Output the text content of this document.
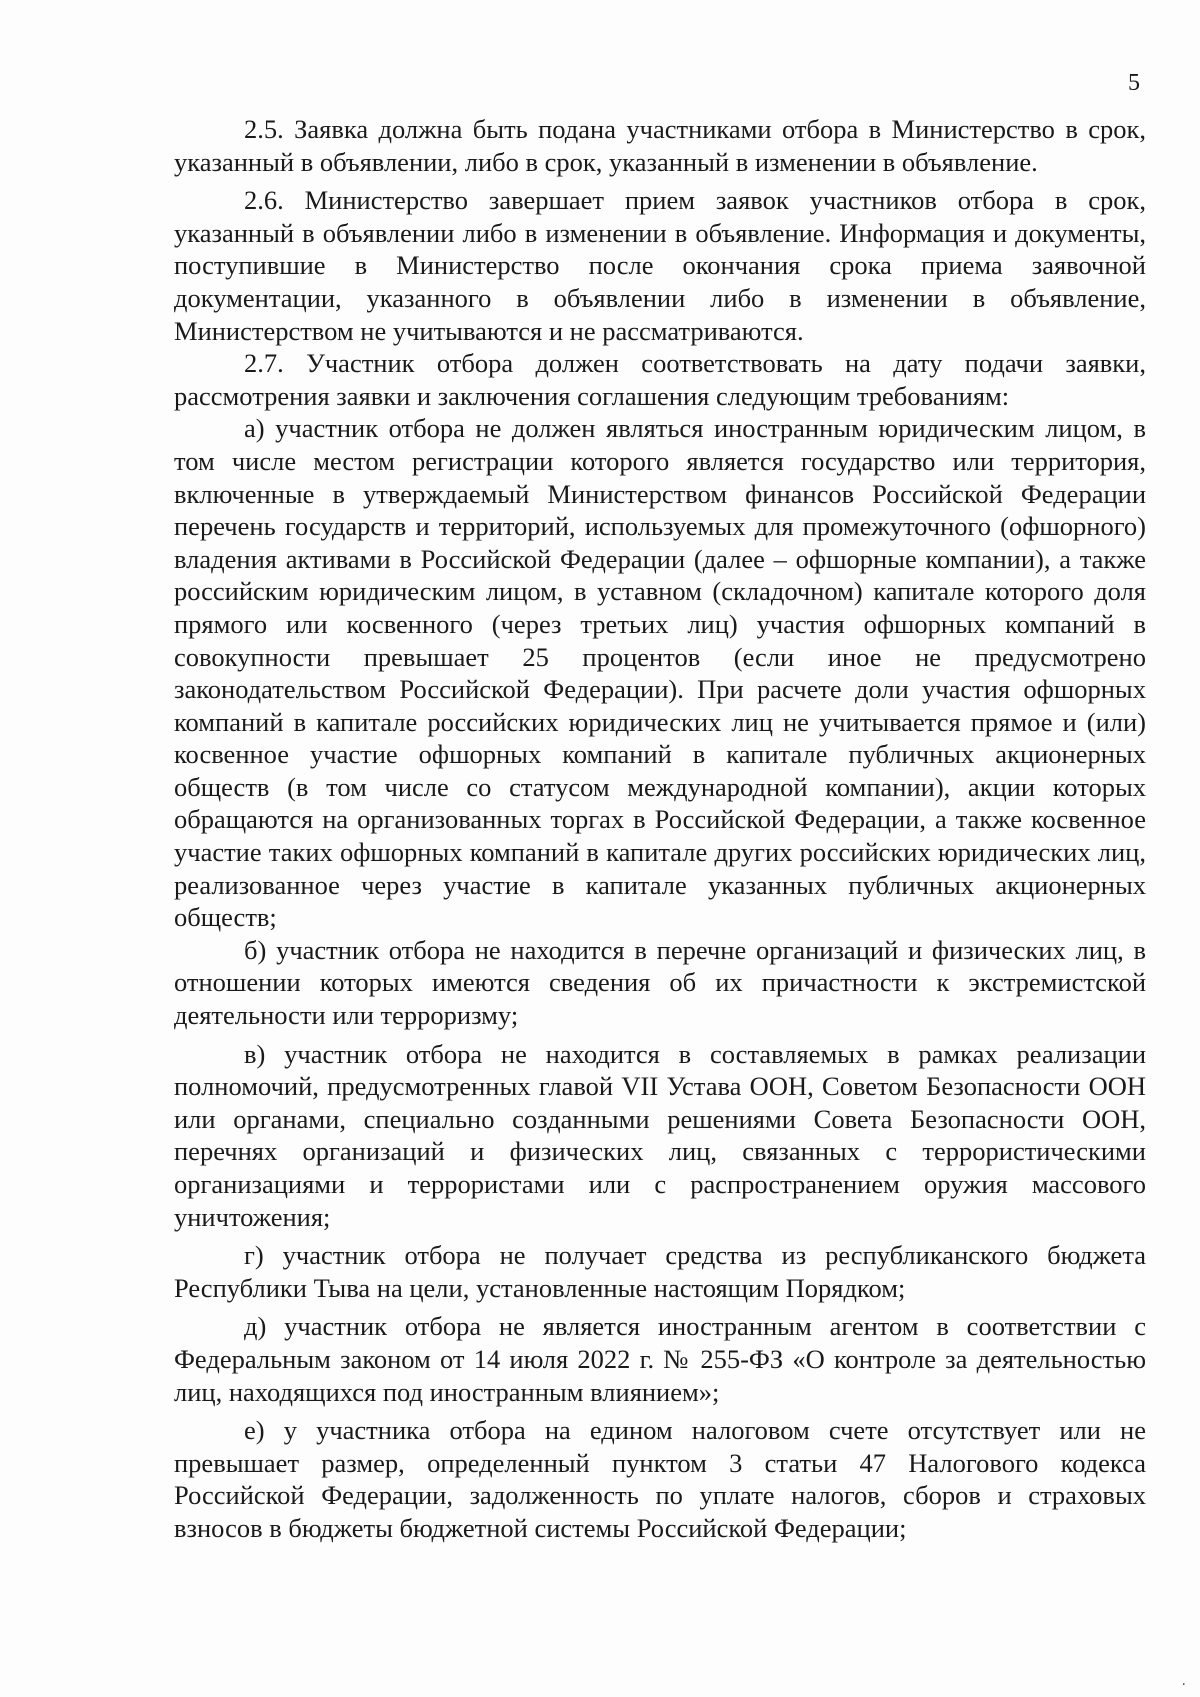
5

2.5. Заявка должна быть подана участниками отбора в Министерство в срок, указанный в объявлении, либо в срок, указанный в изменении в объявление.

2.6. Министерство завершает прием заявок участников отбора в срок, указанный в объявлении либо в изменении в объявление. Информация и документы, поступившие в Министерство после окончания срока приема заявочной документации, указанного в объявлении либо в изменении в объявление, Министерством не учитываются и не рассматриваются.

2.7. Участник отбора должен соответствовать на дату подачи заявки, рассмотрения заявки и заключения соглашения следующим требованиям:

а) участник отбора не должен являться иностранным юридическим лицом, в том числе местом регистрации которого является государство или территория, включенные в утверждаемый Министерством финансов Российской Федерации перечень государств и территорий, используемых для промежуточного (офшорного) владения активами в Российской Федерации (далее – офшорные компании), а также российским юридическим лицом, в уставном (складочном) капитале которого доля прямого или косвенного (через третьих лиц) участия офшорных компаний в совокупности превышает 25 процентов (если иное не предусмотрено законодательством Российской Федерации). При расчете доли участия офшорных компаний в капитале российских юридических лиц не учитывается прямое и (или) косвенное участие офшорных компаний в капитале публичных акционерных обществ (в том числе со статусом международной компании), акции которых обращаются на организованных торгах в Российской Федерации, а также косвенное участие таких офшорных компаний в капитале других российских юридических лиц, реализованное через участие в капитале указанных публичных акционерных обществ;

б) участник отбора не находится в перечне организаций и физических лиц, в отношении которых имеются сведения об их причастности к экстремистской деятельности или терроризму;

в) участник отбора не находится в составляемых в рамках реализации полномочий, предусмотренных главой VII Устава ООН, Советом Безопасности ООН или органами, специально созданными решениями Совета Безопасности ООН, перечнях организаций и физических лиц, связанных с террористическими организациями и террористами или с распространением оружия массового уничтожения;

г) участник отбора не получает средства из республиканского бюджета Республики Тыва на цели, установленные настоящим Порядком;

д) участник отбора не является иностранным агентом в соответствии с Федеральным законом от 14 июля 2022 г. № 255-ФЗ «О контроле за деятельностью лиц, находящихся под иностранным влиянием»;

е) у участника отбора на едином налоговом счете отсутствует или не превышает размер, определенный пунктом 3 статьи 47 Налогового кодекса Российской Федерации, задолженность по уплате налогов, сборов и страховых взносов в бюджеты бюджетной системы Российской Федерации;

·
